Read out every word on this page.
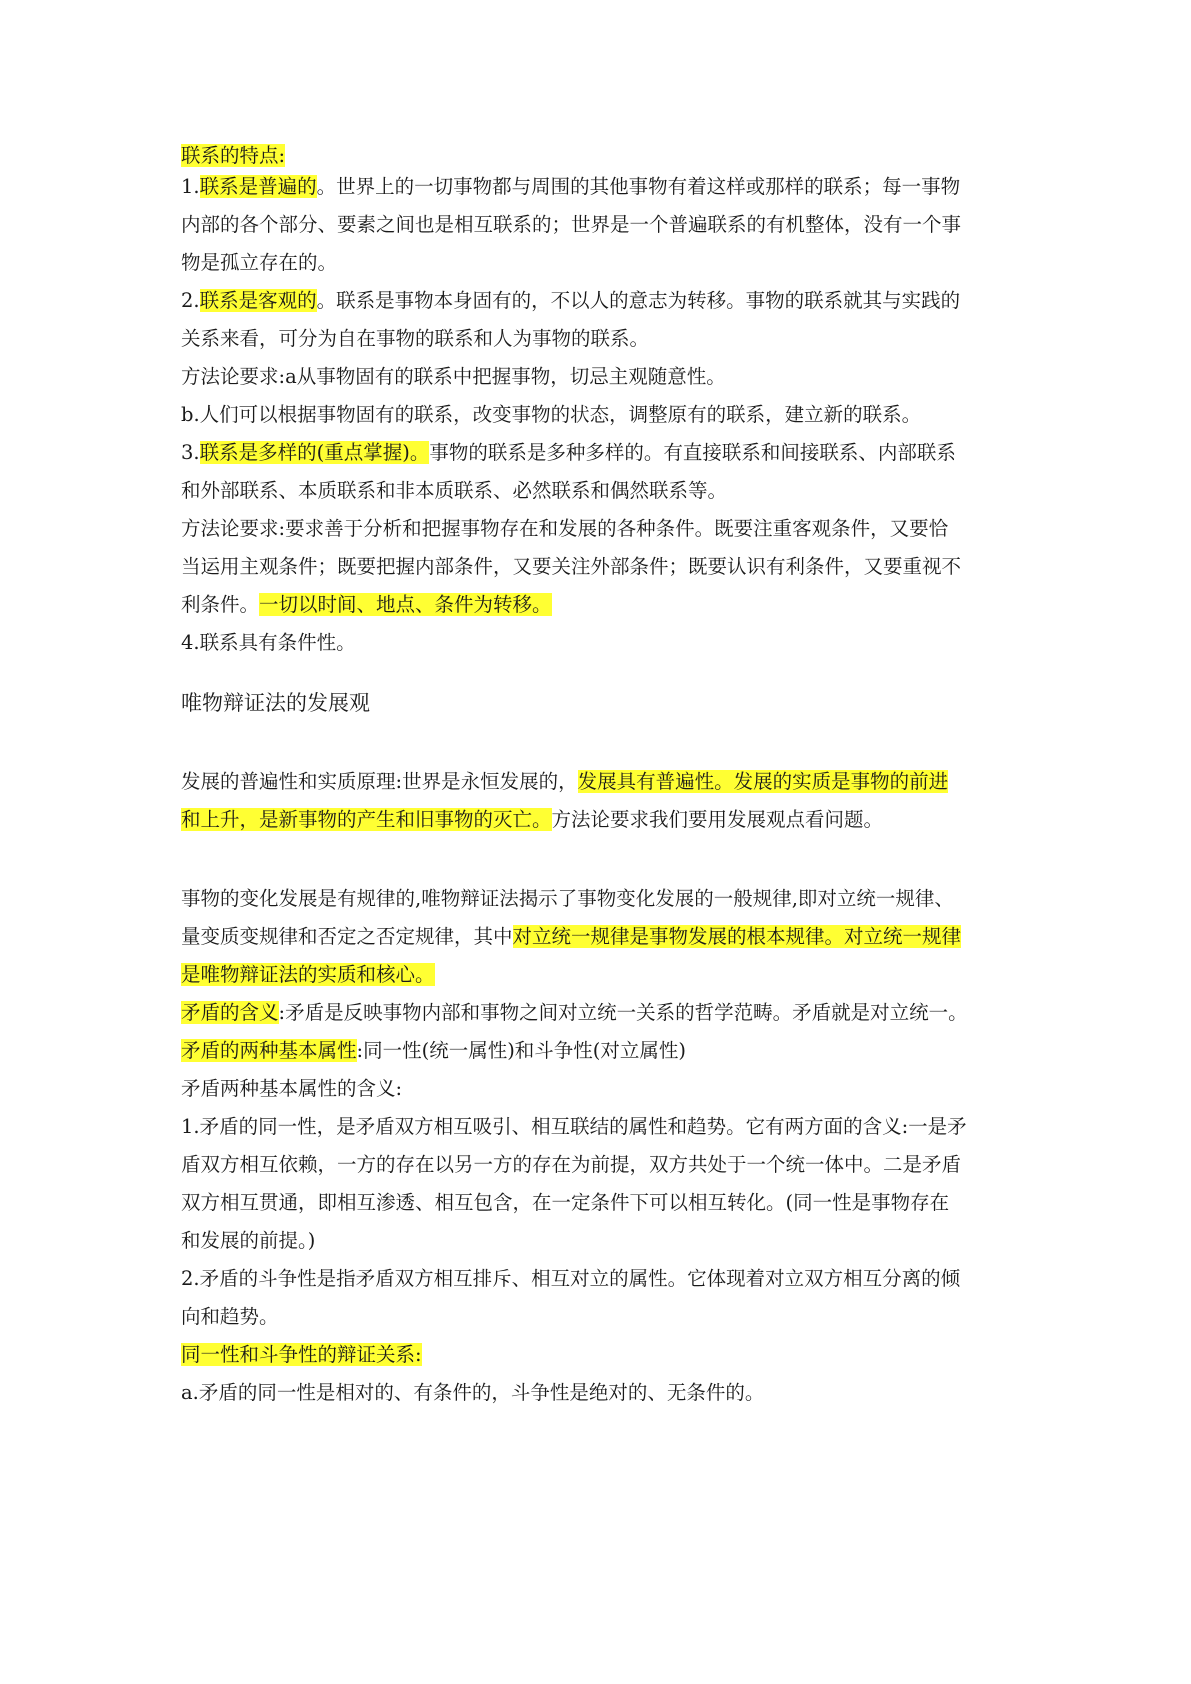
联系的特点:
1.联系是普遍的。世界上的一切事物都与周围的其他事物有着这样或那样的联系；每一事物
内部的各个部分、要素之间也是相互联系的；世界是一个普遍联系的有机整体，没有一个事
物是孤立存在的。
2.联系是客观的。联系是事物本身固有的，不以人的意志为转移。事物的联系就其与实践的
关系来看，可分为自在事物的联系和人为事物的联系。
方法论要求:a从事物固有的联系中把握事物，切忌主观随意性。
b.人们可以根据事物固有的联系，改变事物的状态，调整原有的联系，建立新的联系。
3.联系是多样的(重点掌握)。事物的联系是多种多样的。有直接联系和间接联系、内部联系
和外部联系、本质联系和非本质联系、必然联系和偶然联系等。
方法论要求:要求善于分析和把握事物存在和发展的各种条件。既要注重客观条件，又要恰
当运用主观条件；既要把握内部条件，又要关注外部条件；既要认识有利条件，又要重视不
利条件。一切以时间、地点、条件为转移。
4.联系具有条件性。
唯物辩证法的发展观
发展的普遍性和实质原理:世界是永恒发展的，发展具有普遍性。发展的实质是事物的前进
和上升，是新事物的产生和旧事物的灭亡。方法论要求我们要用发展观点看问题。
事物的变化发展是有规律的,唯物辩证法揭示了事物变化发展的一般规律,即对立统一规律、
量变质变规律和否定之否定规律，其中对立统一规律是事物发展的根本规律。对立统一规律
是唯物辩证法的实质和核心。
矛盾的含义:矛盾是反映事物内部和事物之间对立统一关系的哲学范畴。矛盾就是对立统一。
矛盾的两种基本属性:同一性(统一属性)和斗争性(对立属性)
矛盾两种基本属性的含义:
1.矛盾的同一性，是矛盾双方相互吸引、相互联结的属性和趋势。它有两方面的含义:一是矛
盾双方相互依赖，一方的存在以另一方的存在为前提，双方共处于一个统一体中。二是矛盾
双方相互贯通，即相互渗透、相互包含，在一定条件下可以相互转化。(同一性是事物存在
和发展的前提。)
2.矛盾的斗争性是指矛盾双方相互排斥、相互对立的属性。它体现着对立双方相互分离的倾
向和趋势。
同一性和斗争性的辩证关系:
a.矛盾的同一性是相对的、有条件的，斗争性是绝对的、无条件的。
